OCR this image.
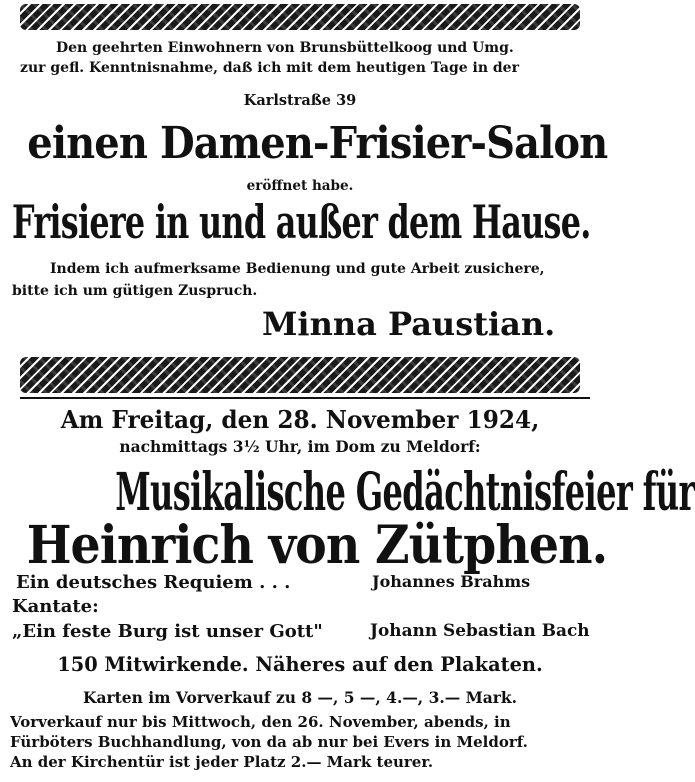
Den geehrten Einwohnern von Brunsbüttelkoog und Umg.
zur gefl. Kenntnisnahme, daß ich mit dem heutigen Tage in der
Karlstraße 39
einen Damen-Frisier-Salon
eröffnet habe.
Frisiere in und außer dem Hause.
Indem ich aufmerksame Bedienung und gute Arbeit zusichere,
bitte ich um gütigen Zuspruch.
Minna Paustian.
Am Freitag, den 28. November 1924,
nachmittags 3½ Uhr, im Dom zu Meldorf:
Musikalische Gedächtnisfeier für
Heinrich von Zütphen.
Ein deutsches Requiem . . .	Johannes Brahms
Kantate:
„Ein feste Burg ist unser Gott"	Johann Sebastian Bach
150 Mitwirkende. Näheres auf den Plakaten.
Karten im Vorverkauf zu 8 —, 5 —, 4.—, 3.— Mark.
Vorverkauf nur bis Mittwoch, den 26. November, abends, in
Fürböters Buchhandlung, von da ab nur bei Evers in Meldorf.
An der Kirchentür ist jeder Platz 2.— Mark teurer.
